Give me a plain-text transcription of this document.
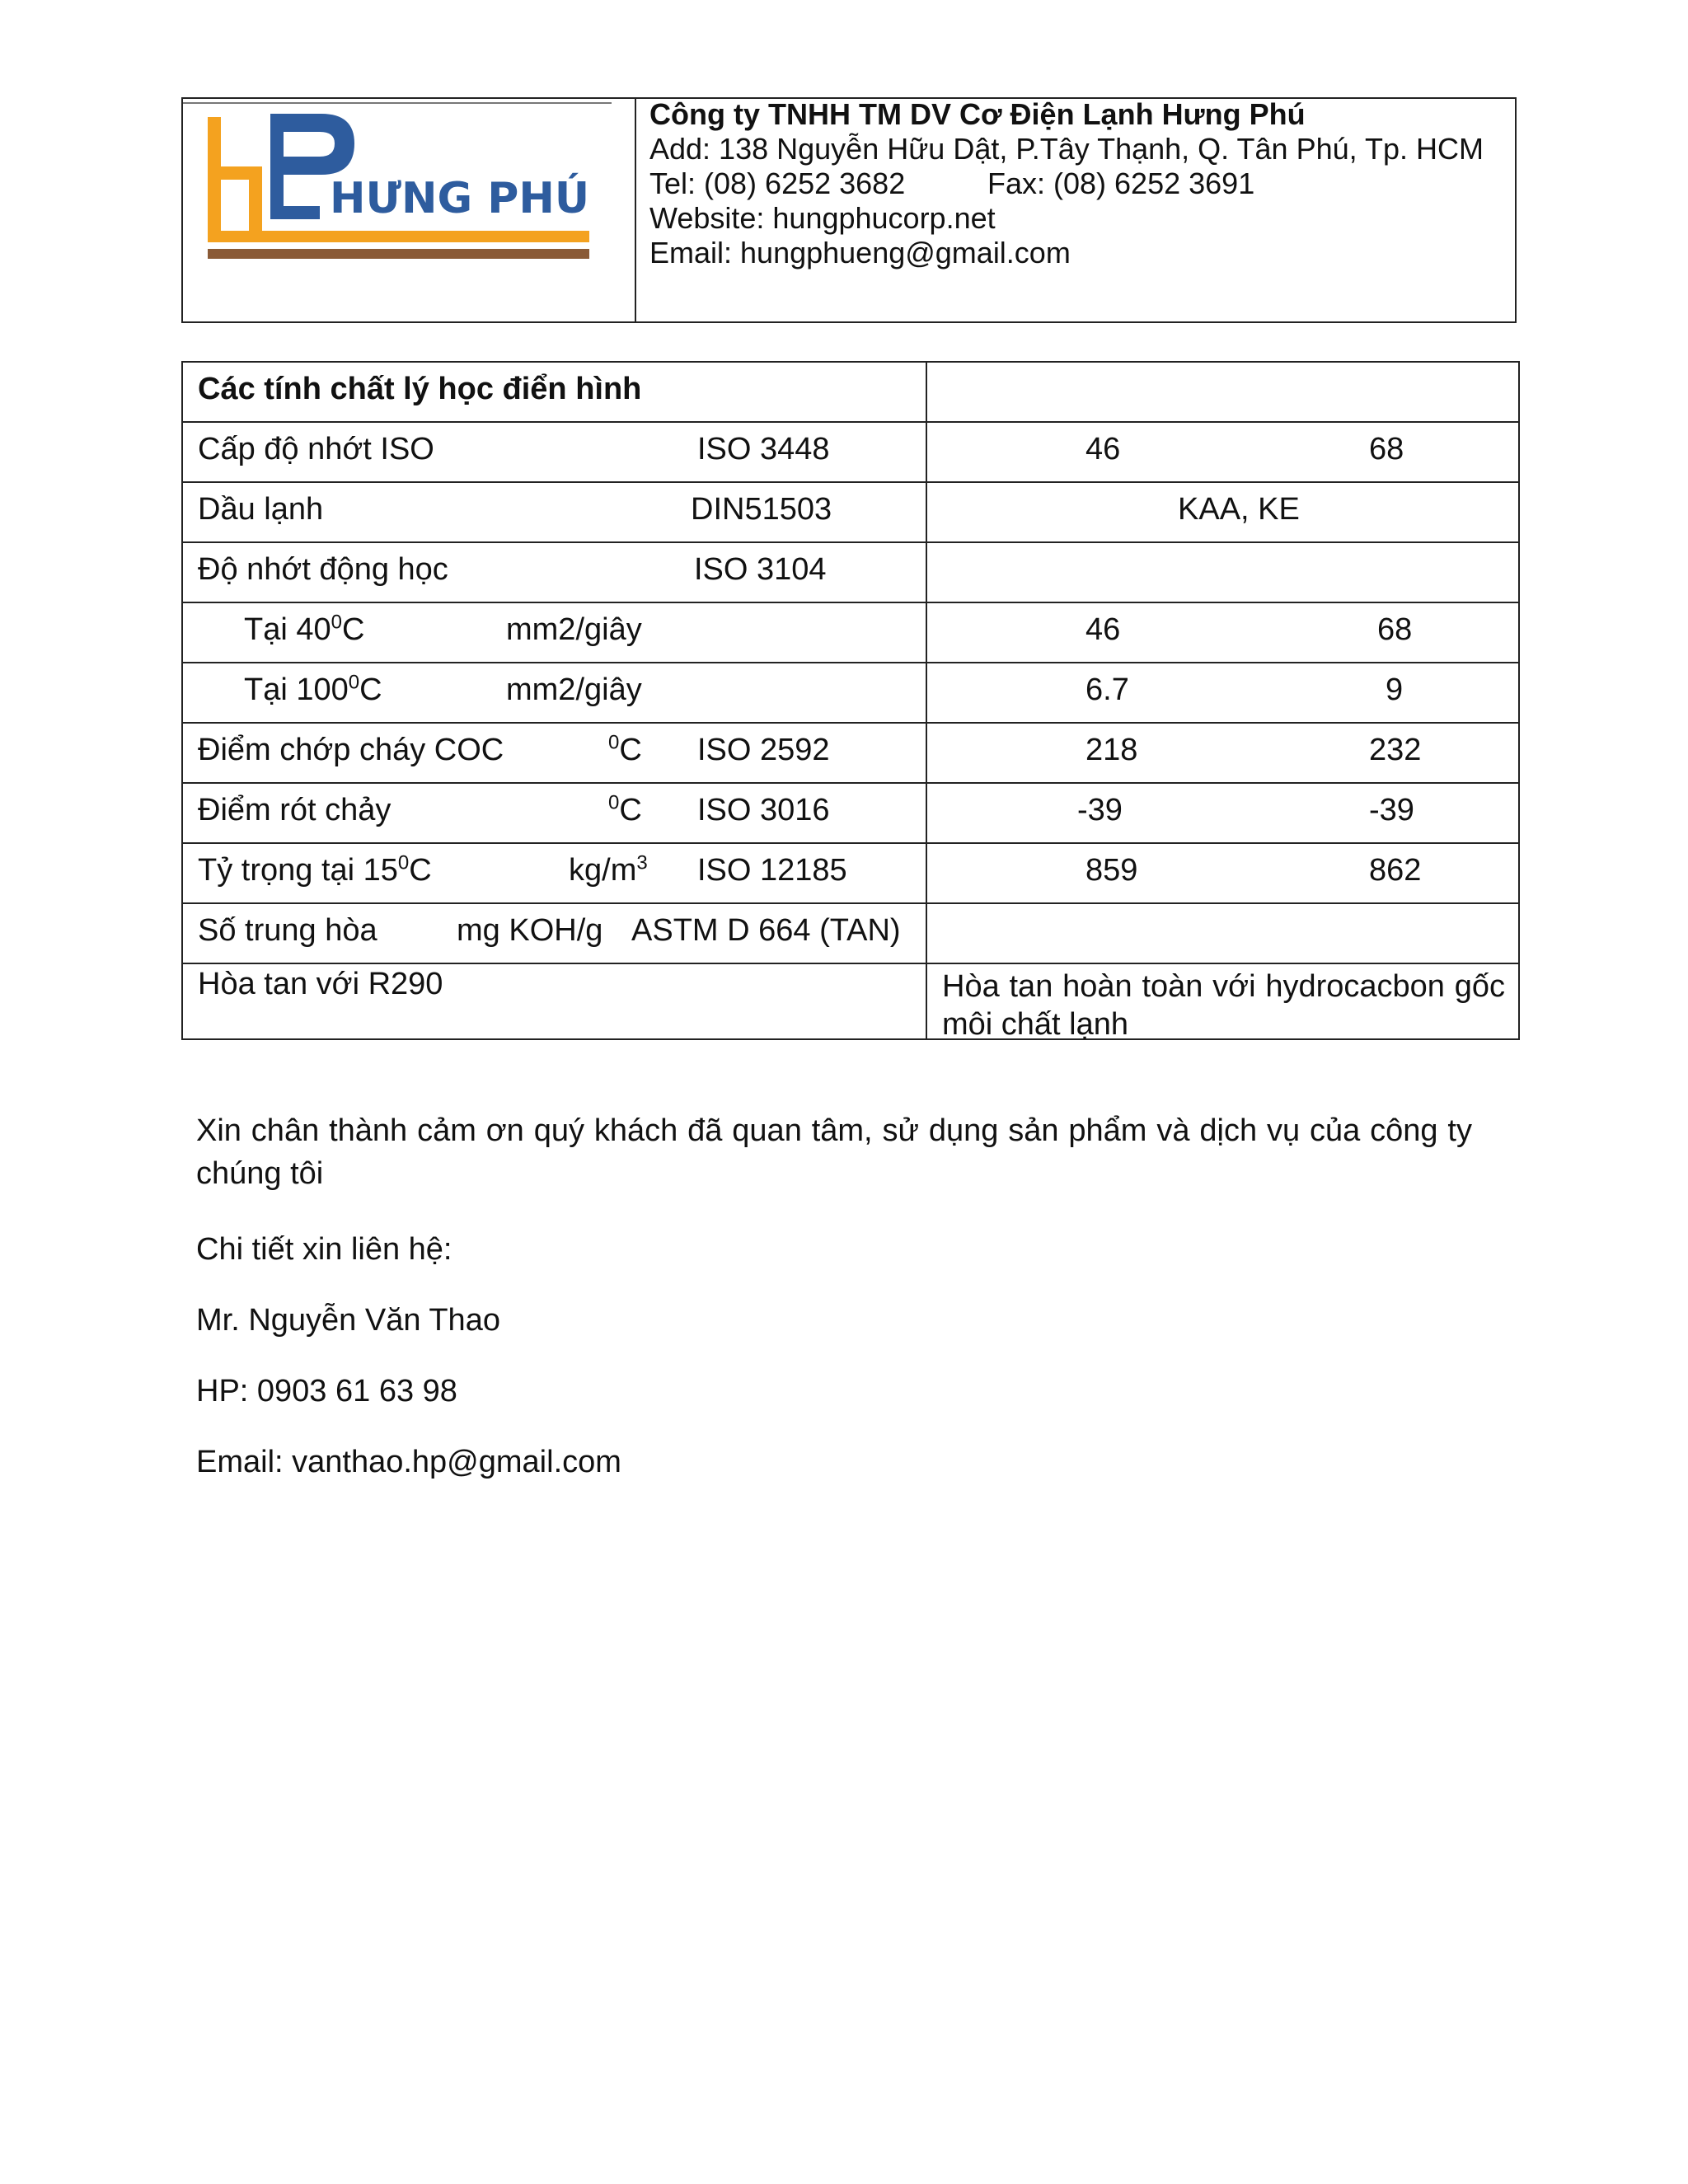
HƯNG PHÚ
Công ty TNHH TM DV Cơ Điện Lạnh Hưng Phú
Add: 138 Nguyễn Hữu Dật, P.Tây Thạnh, Q. Tân Phú, Tp. HCM
Tel: (08) 6252 3682	Fax: (08) 6252 3691
Website: hungphucorp.net
Email: hungphueng@gmail.com
Các tính chất lý học điển hình	

Cấp độ nhớt ISO ISO 3448	46 68

Dầu lạnh DIN51503	KAA, KE

Độ nhớt động học ISO 3104	

Tại $40^0C$ mm2/giây	46 68

Tại $100^0C$ mm2/giây	6.7 9

Điểm chớp cháy COC $^0$C ISO 2592	218 232

Điểm rót chảy $^0$C ISO 3016	-39 -39

Tỷ trọng tại $15^0C$ $kg/m^3$ ISO 12185	859 862

Số trung hòa mg KOH/g ASTM D 664 (TAN)	

Hòa tan với R290	Hòa tan hoàn toàn với hydrocacbon gốc môi chất lạnh
Xin chân thành cảm ơn quý khách đã quan tâm, sử dụng sản phẩm và dịch vụ của công ty chúng tôi
Chi tiết xin liên hệ:
Mr. Nguyễn Văn Thao
HP: 0903 61 63 98
Email: vanthao.hp@gmail.com
